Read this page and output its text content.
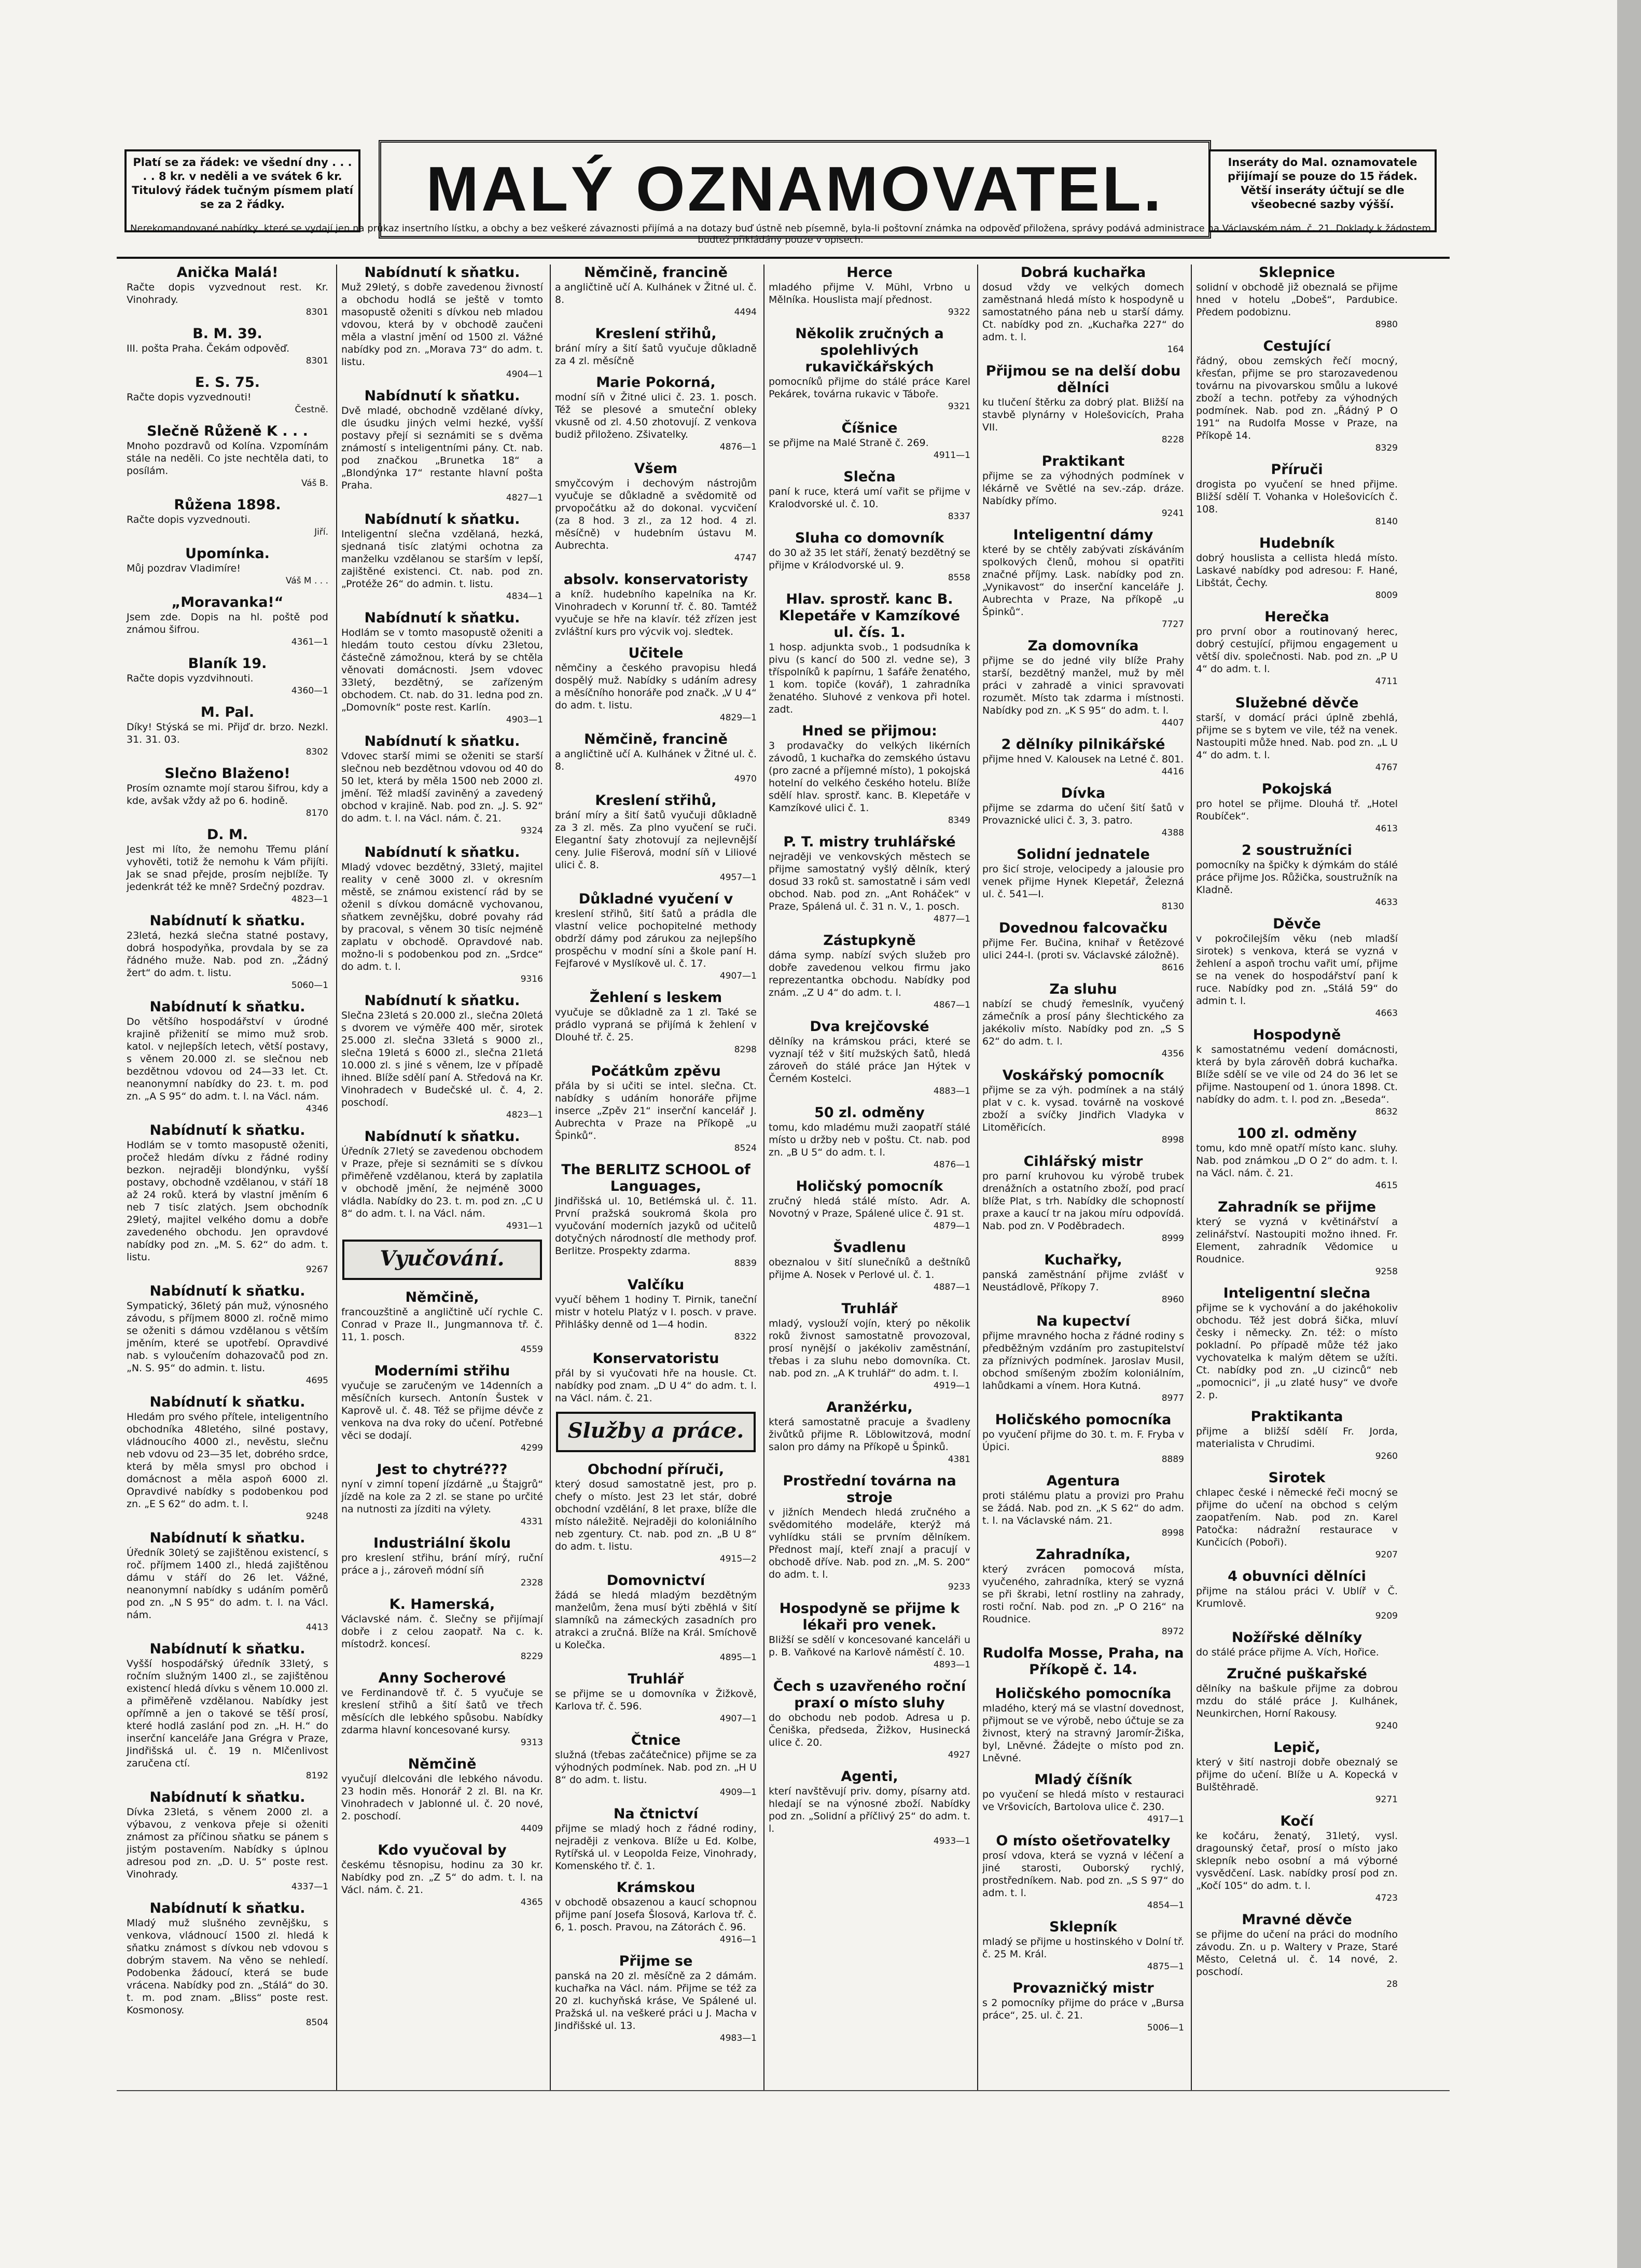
Platí se za řádek: ve všední dny . . . . . 8 kr. v neděli a ve svátek 6 kr. Titulový řádek tučným písmem platí se za 2 řádky.	MALÝ OZNAMOVATEL.	Inseráty do Mal. oznamovatele přijímají se pouze do 15 řádek. Větší inseráty účtují se dle všeobecné sazby výšší.
Nerekomandované nabídky, které se vydají jen na průkaz insertního lístku, a obchy a bez veškeré závaznosti přijímá a na dotazy buď ústně neb písemně, byla-li poštovní známka na odpověď přiložena, správy podává administrace na Václavském nám. č. 21. Doklady k žádostem budtež přikládány pouze v opisech.
Anička Malá!
Račte dopis vyzvednout rest. Kr. Vinohrady.
8301
B. M. 39.
III. pošta Praha. Čekám odpověď.
8301
E. S. 75.
Račte dopis vyzvednouti!
Čestně.
Slečně Růženě K . . .
Mnoho pozdravů od Kolína. Vzpomínám stále na neděli. Co jste nechtěla dati, to posílám.
Váš B.
Růžena 1898.
Račte dopis vyzvednouti.
Jiří.
Upomínka.
Můj pozdrav Vladimíre!
Váš M . . .
„Moravanka!“
Jsem zde. Dopis na hl. poště pod známou šifrou.
4361—1
Blaník 19.
Račte dopis vyzdvihnouti.
4360—1
M. Pal.
Díky! Stýská se mi. Přijď dr. brzo. Nezkl. 31. 31. 03.
8302
Slečno Blaženo!
Prosím oznamte mojí starou šifrou, kdy a kde, avšak vždy až po 6. hodině.
8170
D. M.
Jest mi líto, že nemohu Třemu plání vyhověti, totiž že nemohu k Vám přijíti. Jak se snad přejde, prosím nejblíže. Ty jedenkrát též ke mně? Srdečný pozdrav.
4823—1
Nabídnutí k sňatku.
23letá, hezká slečna statné postavy, dobrá hospodyňka, provdala by se za řádného muže. Nab. pod zn. „Žádný žert“ do adm. t. listu.
5060—1
Nabídnutí k sňatku.
Do většího hospodářství v úrodné krajině přiženití se mimo muž srob. katol. v nejlepších letech, větší postavy, s věnem 20.000 zl. se slečnou neb bezdětnou vdovou od 24—33 let. Ct. neanonymní nabídky do 23. t. m. pod zn. „A S 95“ do adm. t. l. na Václ. nám.
4346
Nabídnutí k sňatku.
Hodlám se v tomto masopustě oženiti, pročež hledám dívku z řádné rodiny bezkon. nejraději blondýnku, vyšší postavy, obchodně vzdělanou, v stáří 18 až 24 roků. která by vlastní jměním 6 neb 7 tisíc zlatých. Jsem obchodník 29letý, majitel velkého domu a dobře zavedeného obchodu. Jen opravdové nabídky pod zn. „M. S. 62“ do adm. t. listu.
9267
Nabídnutí k sňatku.
Sympatický, 36letý pán muž, výnosného závodu, s příjmem 8000 zl. ročně mimo se oženiti s dámou vzdělanou s větším jměním, které se upotřebí. Opravdivé nab. s vyloučením dohazovačů pod zn. „N. S. 95“ do admin. t. listu.
4695
Nabídnutí k sňatku.
Hledám pro svého přítele, inteligentního obchodníka 48letého, silné postavy, vládnoucího 4000 zl., nevěstu, slečnu neb vdovu od 23—35 let, dobrého srdce, která by měla smysl pro obchod i domácnost a měla aspoň 6000 zl. Opravdivé nabídky s podobenkou pod zn. „E S 62“ do adm. t. l.
9248
Nabídnutí k sňatku.
Úředník 30letý se zajištěnou existencí, s roč. příjmem 1400 zl., hledá zajištěnou dámu v stáří do 26 let. Vážné, neanonymní nabídky s udáním poměrů pod zn. „N S 95“ do adm. t. l. na Václ. nám.
4413
Nabídnutí k sňatku.
Vyšší hospodářský úředník 33letý, s ročním služným 1400 zl., se zajištěnou existencí hledá dívku s věnem 10.000 zl. a přiměřeně vzdělanou. Nabídky jest opřímně a jen o takové se těší prosí, které hodlá zaslání pod zn. „H. H.“ do inserční kanceláře Jana Grégra v Praze, Jindřišská ul. č. 19 n. Mlčenlivost zaručena ctí.
8192
Nabídnutí k sňatku.
Dívka 23letá, s věnem 2000 zl. a výbavou, z venkova přeje si oženiti známost za příčinou sňatku se pánem s jistým postavením. Nabídky s úplnou adresou pod zn. „D. U. 5“ poste rest. Vinohrady.
4337—1
Nabídnutí k sňatku.
Mladý muž slušného zevnějšku, s venkova, vládnoucí 1500 zl. hledá k sňatku známost s dívkou neb vdovou s dobrým stavem. Na věno se nehledí. Podobenka žádoucí, která se bude vrácena. Nabídky pod zn. „Stálá“ do 30. t. m. pod znam. „Bliss“ poste rest. Kosmonosy.
8504
Nabídnutí k sňatku.
Muž 29letý, s dobře zavedenou živností a obchodu hodlá se ještě v tomto masopustě oženiti s dívkou neb mladou vdovou, která by v obchodě zaučeni měla a vlastní jmění od 1500 zl. Vážné nabídky pod zn. „Morava 73“ do adm. t. listu.
4904—1
Nabídnutí k sňatku.
Dvě mladé, obchodně vzdělané dívky, dle úsudku jiných velmi hezké, vyšší postavy přejí si seznámiti se s dvěma známostí s inteligentními pány. Ct. nab. pod značkou „Brunetka 18“ a „Blondýnka 17“ restante hlavní pošta Praha.
4827—1
Nabídnutí k sňatku.
Inteligentní slečna vzdělaná, hezká, sjednaná tisíc zlatými ochotna za manželku vzdělanou se starším v lepší, zajištěné existenci. Ct. nab. pod zn. „Protéže 26“ do admin. t. listu.
4834—1
Nabídnutí k sňatku.
Hodlám se v tomto masopustě oženiti a hledám touto cestou dívku 23letou, částečně zámožnou, která by se chtěla věnovati domácnosti. Jsem vdovec 33letý, bezdětný, se zařízeným obchodem. Ct. nab. do 31. ledna pod zn. „Domovník“ poste rest. Karlín.
4903—1
Nabídnutí k sňatku.
Vdovec starší mimi se oženiti se starší slečnou neb bezdětnou vdovou od 40 do 50 let, která by měla 1500 neb 2000 zl. jmění. Též mladší zaviněný a zavedený obchod v krajině. Nab. pod zn. „J. S. 92“ do adm. t. l. na Václ. nám. č. 21.
9324
Nabídnutí k sňatku.
Mladý vdovec bezdětný, 33letý, majitel reality v ceně 3000 zl. v okresním městě, se známou existencí rád by se oženil s dívkou domácně vychovanou, sňatkem zevnějšku, dobré povahy rád by pracoval, s věnem 30 tisíc nejméně zaplatu v obchodě. Opravdové nab. možno-li s podobenkou pod zn. „Srdce“ do adm. t. l.
9316
Nabídnutí k sňatku.
Slečna 23letá s 20.000 zl., slečna 20letá s dvorem ve výměře 400 měr, sirotek 25.000 zl. slečna 33letá s 9000 zl., slečna 19letá s 6000 zl., slečna 21letá 10.000 zl. s jiné s věnem, lze v případě ihned. Blíže sdělí paní A. Středová na Kr. Vinohradech v Budečské ul. č. 4, 2. poschodí.
4823—1
Nabídnutí k sňatku.
Úředník 27letý se zavedenou obchodem v Praze, přeje si seznámiti se s dívkou přiměřeně vzdělanou, která by zaplatila v obchodě jmění, že nejméně 3000 vládla. Nabídky do 23. t. m. pod zn. „C U 8“ do adm. t. l. na Václ. nám.
4931—1
Vyučování.
Němčině,
francouzštině a angličtině učí rychle C. Conrad v Praze II., Jungmannova tř. č. 11, 1. posch.
4559
Moderními střihu
vyučuje se zaručeným ve 14denních a měsíčních kursech. Antonín Šustek v Kaprově ul. č. 48. Též se přijme dévče z venkova na dva roky do učení. Potřebné věci se dodají.
4299
Jest to chytré???
nyní v zimní topení jízdárně „u Štajgrů“ jízdě na kole za 2 zl. se stane po určité na nutnosti za jízditi na výlety.
4331
Industriální školu
pro kreslení střihu, brání mírý, ruční práce a j., zároveň módní síň
2328
K. Hamerská,
Václavské nám. č. Slečny se přijímají dobře i z celou zaopatř. Na c. k. místodrž. koncesí.
8229
Anny Socherové
ve Ferdinandově tř. č. 5 vyučuje se kreslení střihů a šití šatů ve třech měsících dle lebkého spůsobu. Nabídky zdarma hlavní koncesované kursy.
9313
Němčině
vyučují dlelcováni dle lebkého návodu. 23 hodin měs. Honorář 2 zl. Bl. na Kr. Vinohradech v Jablonné ul. č. 20 nové, 2. poschodí.
4409
Kdo vyučoval by
českému těsnopisu, hodinu za 30 kr. Nabídky pod zn. „Z 5“ do adm. t. l. na Václ. nám. č. 21.
4365
Němčině, francině
a angličtině učí A. Kulhánek v Žitné ul. č. 8.
4494
Kreslení střihů,
brání míry a šití šatů vyučuje důkladně za 4 zl. měsíčně
Marie Pokorná,
modní síň v Žitné ulici č. 23. 1. posch. Též se plesové a smuteční obleky vkusně od zl. 4.50 zhotovují. Z venkova budiž přiloženo. Zšivatelky.
4876—1
Všem
smyčcovým i dechovým nástrojům vyučuje se důkladně a svědomitě od prvopočátku až do dokonal. vycvičení (za 8 hod. 3 zl., za 12 hod. 4 zl. měsíčně) v hudebním ústavu M. Aubrechta.
4747
absolv. konservatoristy
a kníž. hudebního kapelníka na Kr. Vinohradech v Korunní tř. č. 80. Tamtéž vyučuje se hře na klavír. též zřízen jest zvláštní kurs pro výcvik voj. sledtek.
Učitele
němčiny a českého pravopisu hledá dospělý muž. Nabídky s udáním adresy a měsíčního honoráře pod značk. „V U 4“ do adm. t. listu.
4829—1
Němčině, francině
a angličtině učí A. Kulhánek v Žitné ul. č. 8.
4970
Kreslení střihů,
brání míry a šití šatů vyučuji důkladně za 3 zl. měs. Za plno vyučení se ruči. Elegantní šaty zhotovují za nejlevnější ceny. Julie Fišerová, modní síň v Liliové ulici č. 8.
4957—1
Důkladné vyučení v
kreslení střihů, šití šatů a prádla dle vlastní velice pochopitelné methody obdrží dámy pod zárukou za nejlepšího prospěchu v modní síni a škole paní H. Fejfarové v Myslíkově ul. č. 17.
4907—1
Žehlení s leskem
vyučuje se důkladně za 1 zl. Také se prádlo vypraná se přijímá k žehlení v Dlouhé tř. č. 25.
8298
Počátkům zpěvu
přála by si učiti se intel. slečna. Ct. nabídky s udáním honoráře přijme inserce „Zpěv 21“ inserční kancelář J. Aubrechta v Praze na Příkopě „u Špinků“.
8524
The BERLITZ SCHOOL of Languages,
Jindřišská ul. 10, Betlémská ul. č. 11. První pražská soukromá škola pro vyučování moderních jazyků od učitelů dotyčných národností dle methody prof. Berlitze. Prospekty zdarma.
8839
Valčíku
vyučí během 1 hodiny T. Pirnik, taneční mistr v hotelu Platýz v I. posch. v prave. Přihlášky denně od 1—4 hodin.
8322
Konservatoristu
přál by si vyučovati hře na housle. Ct. nabídky pod znam. „D U 4“ do adm. t. l. na Václ. nám. č. 21.
Služby a práce.
Obchodní příruči,
který dosud samostatně jest, pro p. chefy o místo. Jest 23 let stár, dobré obchodní vzdělání, 8 let praxe, blíže dle místo náležitě. Nejraději do koloniálního neb zgentury. Ct. nab. pod zn. „B U 8“ do adm. t. listu.
4915—2
Domovnictví
žádá se hledá mladým bezdětným manželům, žena musí býti zběhlá v šití slamníků na zámeckých zasadních pro atrakci a zručná. Blíže na Král. Smíchově u Kolečka.
4895—1
Truhlář
se přijme se u domovníka v Žižkově, Karlova tř. č. 596.
4907—1
Čtnice
služná (třebas začátečnice) přijme se za výhodných podmínek. Nab. pod zn. „H U 8“ do adm. t. listu.
4909—1
Na čtnictví
přijme se mladý hoch z řádné rodiny, nejraději z venkova. Blíže u Ed. Kolbe, Rytířská ul. v Leopolda Feize, Vinohrady, Komenského tř. č. 1.
Krámskou
v obchodě obsazenou a kaucí schopnou přijme paní Josefa Šlosová, Karlova tř. č. 6, 1. posch. Pravou, na Zátorách č. 96.
4916—1
Přijme se
panská na 20 zl. měsíčně za 2 dámám. kuchařka na Václ. nám. Přijme se též za 20 zl. kuchyňská kráse, Ve Spálené ul. Pražská ul. na veškeré práci u J. Macha v Jindřišské ul. 13.
4983—1
Herce
mladého přijme V. Mühl, Vrbno u Mělníka. Houslista mají přednost.
9322
Několik zručných a spolehlivých rukavičkářských
pomocníků přijme do stálé práce Karel Pekárek, továrna rukavic v Táboře.
9321
Číšnice
se přijme na Malé Straně č. 269.
4911—1
Slečna
paní k ruce, která umí vařit se přijme v Kralodvorské ul. č. 10.
8337
Sluha co domovník
do 30 až 35 let stáří, ženatý bezdětný se přijme v Králodvorské ul. 9.
8558
Hlav. sprostř. kanc B. Klepetáře v Kamzíkové ul. čís. 1.
1 hosp. adjunkta svob., 1 podsudníka k pivu (s kancí do 500 zl. vedne se), 3 tříspolníků k papírnu, 1 šafáře ženatého, 1 kom. topiče (kovář), 1 zahradníka ženatého. Sluhové z venkova při hotel. zadt.
Hned se přijmou:
3 prodavačky do velkých likérních závodů, 1 kuchařka do zemského ústavu (pro zacné a příjemné místo), 1 pokojská hotelní do velkého českého hotelu. Blíže sdělí hlav. sprostř. kanc. B. Klepetáře v Kamzíkové ulici č. 1.
8349
P. T. mistry truhlářské
nejraději ve venkovských městech se přijme samostatný vyšlý dělník, který dosud 33 roků st. samostatně i sám vedl obchod. Nab. pod zn. „Ant Roháček“ v Praze, Spálená ul. č. 31 n. V., 1. posch.
4877—1
Zástupkyně
dáma symp. nabízí svých služeb pro dobře zavedenou velkou firmu jako reprezentantka obchodu. Nabídky pod znám. „Z U 4“ do adm. t. l.
4867—1
Dva krejčovské
dělníky na krámskou práci, které se vyznají též v šití mužských šatů, hledá zároveň do stálé práce Jan Hýtek v Černém Kostelci.
4883—1
50 zl. odměny
tomu, kdo mladému muži zaopatří stálé místo u držby neb v poštu. Ct. nab. pod zn. „B U 5“ do adm. t. l.
4876—1
Holičský pomocník
zručný hledá stálé místo. Adr. A. Novotný v Praze, Spálené ulice č. 91 st.
4879—1
Švadlenu
obeznalou v šití slunečníků a deštníků přijme A. Nosek v Perlové ul. č. 1.
4887—1
Truhlář
mladý, vyslouží vojín, který po několik roků živnost samostatně provozoval, prosí nynější o jakékoliv zaměstnání, třebas i za sluhu nebo domovníka. Ct. nab. pod zn. „A K truhlář“ do adm. t. l.
4919—1
Aranžérku,
která samostatně pracuje a švadleny živůtků přijme R. Löblowitzová, modní salon pro dámy na Příkopě u Špinků.
4381
Prostřední továrna na stroje
v jižních Mendech hledá zručného a svědomitého modeláře, kterýž má vyhlídku stáli se prvním dělníkem. Přednost mají, kteří znají a pracují v obchodě dříve. Nab. pod zn. „M. S. 200“ do adm. t. l.
9233
Hospodyně se přijme k lékaři pro venek.
Bližší se sdělí v koncesované kanceláři u p. B. Vaňkové na Karlově náměstí č. 10.
4893—1
Čech s uzavřeného roční praxí o místo sluhy
do obchodu neb podob. Adresa u p. Čeniška, předseda, Žižkov, Husinecká ulice č. 20.
4927
Agenti,
kterí navštěvují priv. domy, písarny atd. hledají se na výnosné zboží. Nabídky pod zn. „Solidní a příčlivý 25“ do adm. t. l.
4933—1
Dobrá kuchařka
dosud vždy ve velkých domech zaměstnaná hledá místo k hospodyně u samostatného pána neb u starší dámy. Ct. nabídky pod zn. „Kuchařka 227“ do adm. t. l.
164
Přijmou se na delší dobu dělníci
ku tlučení štěrku za dobrý plat. Bližší na stavbě plynárny v Holešovicích, Praha VII.
8228
Praktikant
přijme se za výhodných podmínek v lékárně ve Světlé na sev.-záp. dráze. Nabídky přímo.
9241
Inteligentní dámy
které by se chtěly zabývati získáváním spolkových členů, mohou si opatřiti značné příjmy. Lask. nabídky pod zn. „Vynikavost“ do inserční kanceláře J. Aubrechta v Praze, Na příkopě „u Špinků“.
7727
Za domovníka
přijme se do jedné vily blíže Prahy starší, bezdětný manžel, muž by měl práci v zahradě a vinici spravovati rozumět. Místo tak zdarma i místnosti. Nabídky pod zn. „K S 95“ do adm. t. l.
4407
2 dělníky pilnikářské
přijme hned V. Kalousek na Letné č. 801.
4416
Dívka
přijme se zdarma do učení šití šatů v Provaznické ulici č. 3, 3. patro.
4388
Solidní jednatele
pro šicí stroje, velocipedy a jalousie pro venek přijme Hynek Klepetář, Železná ul. č. 541—I.
8130
Dovednou falcovačku
přijme Fer. Bučina, knihař v Řetězové ulici 244-I. (proti sv. Václavské záložně).
8616
Za sluhu
nabízí se chudý řemeslník, vyučený zámečník a prosí pány šlechtického za jakékoliv místo. Nabídky pod zn. „S S 62“ do adm. t. l.
4356
Voskářský pomocník
přijme se za výh. podmínek a na stálý plat v c. k. vysad. továrně na voskové zboží a svíčky Jindřich Vladyka v Litoměřicích.
8998
Cihlářský mistr
pro parní kruhovou ku výrobě trubek drenážních a ostatního zboží, pod prací blíže Plat, s trh. Nabídky dle schopností praxe a kaucí tr na jakou míru odpovídá. Nab. pod zn. V Poděbradech.
8999
Kuchařky,
panská zaměstnání přijme zvlášť v Neustádlově, Příkopy 7.
8960
Na kupectví
přijme mravného hocha z řádné rodiny s předběžným vzdáním pro zastupitelství za příznivých podmínek. Jaroslav Musil, obchod smíšeným zbožím koloniálním, lahůdkami a vínem. Hora Kutná.
8977
Holičského pomocníka
po vyučení přijme do 30. t. m. F. Fryba v Úpici.
8889
Agentura
proti stálému platu a provizi pro Prahu se žádá. Nab. pod zn. „K S 62“ do adm. t. l. na Václavské nám. 21.
8998
Zahradníka,
který zvrácen pomocová místa, vyučeného, zahradníka, který se vyzná se při škrabi, letní rostliny na zahrady, rosti roční. Nab. pod zn. „P O 216“ na Roudnice.
8972
Rudolfa Mosse, Praha, na Příkopě č. 14.
Holičského pomocníka
mladého, který má se vlastní dovednost, přijmout se ve výrobě, nebo účtuje se za živnost, který na stravný Jaromír-Žiška, byl, Lněvné. Žádejte o místo pod zn. Lněvné.
Mladý číšník
po vyučení se hledá místo v restauraci ve Vršovicích, Bartolova ulice č. 230.
4917—1
O místo ošetřovatelky
prosí vdova, která se vyzná v léčení a jiné starosti, Ouborský rychlý, prostředníkem. Nab. pod zn. „S S 97“ do adm. t. l.
4854—1
Sklepník
mladý se přijme u hostinského v Dolní tř. č. 25 M. Král.
4875—1
Provazničký mistr
s 2 pomocníky přijme do práce v „Bursa práce“, 25. ul. č. 21.
5006—1
Sklepnice
solidní v obchodě již obeznalá se přijme hned v hotelu „Dobeš“, Pardubice. Předem podobiznu.
8980
Cestující
řádný, obou zemských řečí mocný, křesťan, přijme se pro starozavedenou továrnu na pivovarskou smůlu a lukové zboží a techn. potřeby za výhodných podmínek. Nab. pod zn. „Řádný P O 191“ na Rudolfa Mosse v Praze, na Příkopě 14.
8329
Příruči
drogista po vyučení se hned přijme. Bližší sdělí T. Vohanka v Holešovicích č. 108.
8140
Hudebník
dobrý houslista a cellista hledá místo. Laskavé nabídky pod adresou: F. Hané, Libštát, Čechy.
8009
Herečka
pro první obor a routinovaný herec, dobrý cestující, přijmou engagement u větší div. společnosti. Nab. pod zn. „P U 4“ do adm. t. l.
4711
Služebné děvče
starší, v domácí práci úplně zbehlá, přijme se s bytem ve vile, též na venek. Nastoupiti může hned. Nab. pod zn. „L U 4“ do adm. t. l.
4767
Pokojská
pro hotel se přijme. Dlouhá tř. „Hotel Roubíček“.
4613
2 soustružníci
pomocníky na špičky k dýmkám do stálé práce přijme Jos. Růžička, soustružník na Kladně.
4633
Děvče
v pokročilejším věku (neb mladší sirotek) s venkova, která se vyzná v žehlení a aspoň trochu vařit umí, přijme se na venek do hospodářství paní k ruce. Nabídky pod zn. „Stálá 59“ do admin t. l.
4663
Hospodyně
k samostatnému vedení domácnosti, která by byla zárověň dobrá kuchařka. Blíže sdělí se ve vile od 24 do 36 let se přijme. Nastoupení od 1. února 1898. Ct. nabídky do adm. t. l. pod zn. „Beseda“.
8632
100 zl. odměny
tomu, kdo mně opatří místo kanc. sluhy. Nab. pod známkou „D O 2“ do adm. t. l. na Václ. nám. č. 21.
4615
Zahradník se přijme
který se vyzná v květinářství a zelinářství. Nastoupiti možno ihned. Fr. Element, zahradník Vědomice u Roudnice.
9258
Inteligentní slečna
přijme se k vychování a do jakéhokoliv obchodu. Též jest dobrá šička, mluví česky i německy. Zn. též: o místo pokladní. Po případě může též jako vychovatelka k malým dětem se užíti. Ct. nabídky pod zn. „U cizinců“ neb „pomocnici“, ji „u zlaté husy“ ve dvoře 2. p.
Praktikanta
přijme a bližší sdělí Fr. Jorda, materialista v Chrudimi.
9260
Sirotek
chlapec české i německé řeči mocný se přijme do učení na obchod s celým zaopatřením. Nab. pod zn. Karel Patočka: nádražní restaurace v Kunčicích (Poboři).
9207
4 obuvníci dělníci
přijme na stálou práci V. Ublíř v Č. Krumlově.
9209
Nožířské dělníky
do stálé práce přijme A. Vích, Hořice.
Zručné puškařské
dělníky na baškule přijme za dobrou mzdu do stálé práce J. Kulhánek, Neunkirchen, Horní Rakousy.
9240
Lepič,
který v šití nastroji dobře obeznalý se přijme do učení. Blíže u A. Kopecká v Bulštěhradě.
9271
Kočí
ke kočáru, ženatý, 31letý, vysl. dragounský četař, prosí o místo jako sklepník nebo osobní a má výborné vysvědčení. Lask. nabídky prosí pod zn. „Kočí 105“ do adm. t. l.
4723
Mravné děvče
se přijme do učení na práci do modního závodu. Zn. u p. Waltery v Praze, Staré Město, Celetná ul. č. 14 nové, 2. poschodí.
28
